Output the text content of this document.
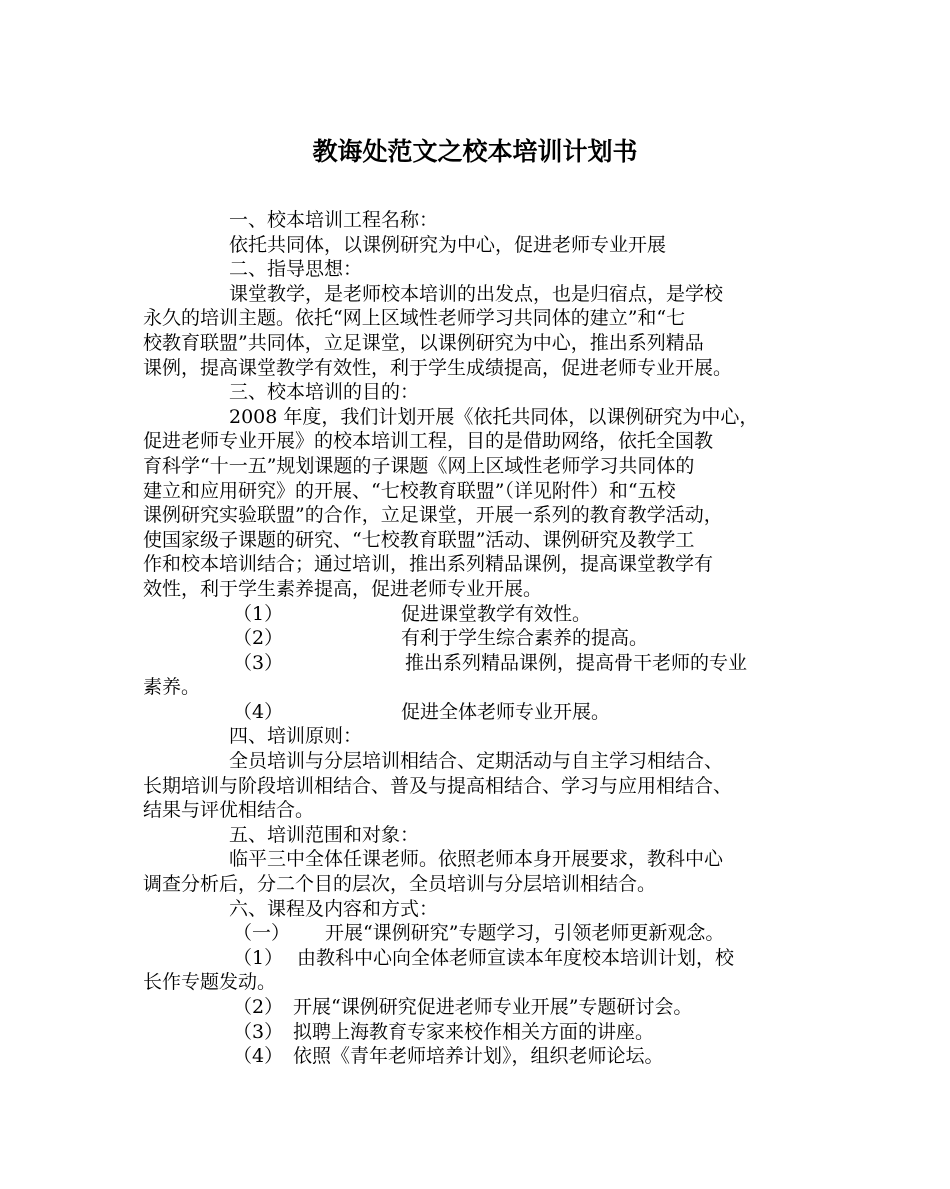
教诲处范文之校本培训计划书
一、校本培训工程名称：
依托共同体，以课例研究为中心，促进老师专业开展
二、指导思想：
课堂教学，是老师校本培训的出发点，也是归宿点，是学校
永久的培训主题。依托“网上区域性老师学习共同体的建立”和“七
校教育联盟”共同体，立足课堂，以课例研究为中心，推出系列精品
课例，提高课堂教学有效性，利于学生成绩提高，促进老师专业开展。
三、校本培训的目的：
2008 年度，我们计划开展《依托共同体，以课例研究为中心，
促进老师专业开展》的校本培训工程，目的是借助网络，依托全国教
育科学“十一五”规划课题的子课题《网上区域性老师学习共同体的
建立和应用研究》的开展、“七校教育联盟”（详见附件）和“五校
课例研究实验联盟”的合作，立足课堂，开展一系列的教育教学活动，
使国家级子课题的研究、“七校教育联盟”活动、课例研究及教学工
作和校本培训结合；通过培训，推出系列精品课例，提高课堂教学有
效性，利于学生素养提高，促进老师专业开展。
（1）	促进课堂教学有效性。
（2）	有利于学生综合素养的提高。
（3）	推出系列精品课例，提高骨干老师的专业
素养。
（4）	促进全体老师专业开展。
四、培训原则：
全员培训与分层培训相结合、定期活动与自主学习相结合、
长期培训与阶段培训相结合、普及与提高相结合、学习与应用相结合、
结果与评优相结合。
五、培训范围和对象：
临平三中全体任课老师。依照老师本身开展要求，教科中心
调查分析后，分二个目的层次，全员培训与分层培训相结合。
六、课程及内容和方式：
（一） 开展“课例研究”专题学习，引领老师更新观念。
（1） 由教科中心向全体老师宣读本年度校本培训计划，校
长作专题发动。
（2） 开展“课例研究促进老师专业开展”专题研讨会。
（3） 拟聘上海教育专家来校作相关方面的讲座。
（4） 依照《青年老师培养计划》，组织老师论坛。
